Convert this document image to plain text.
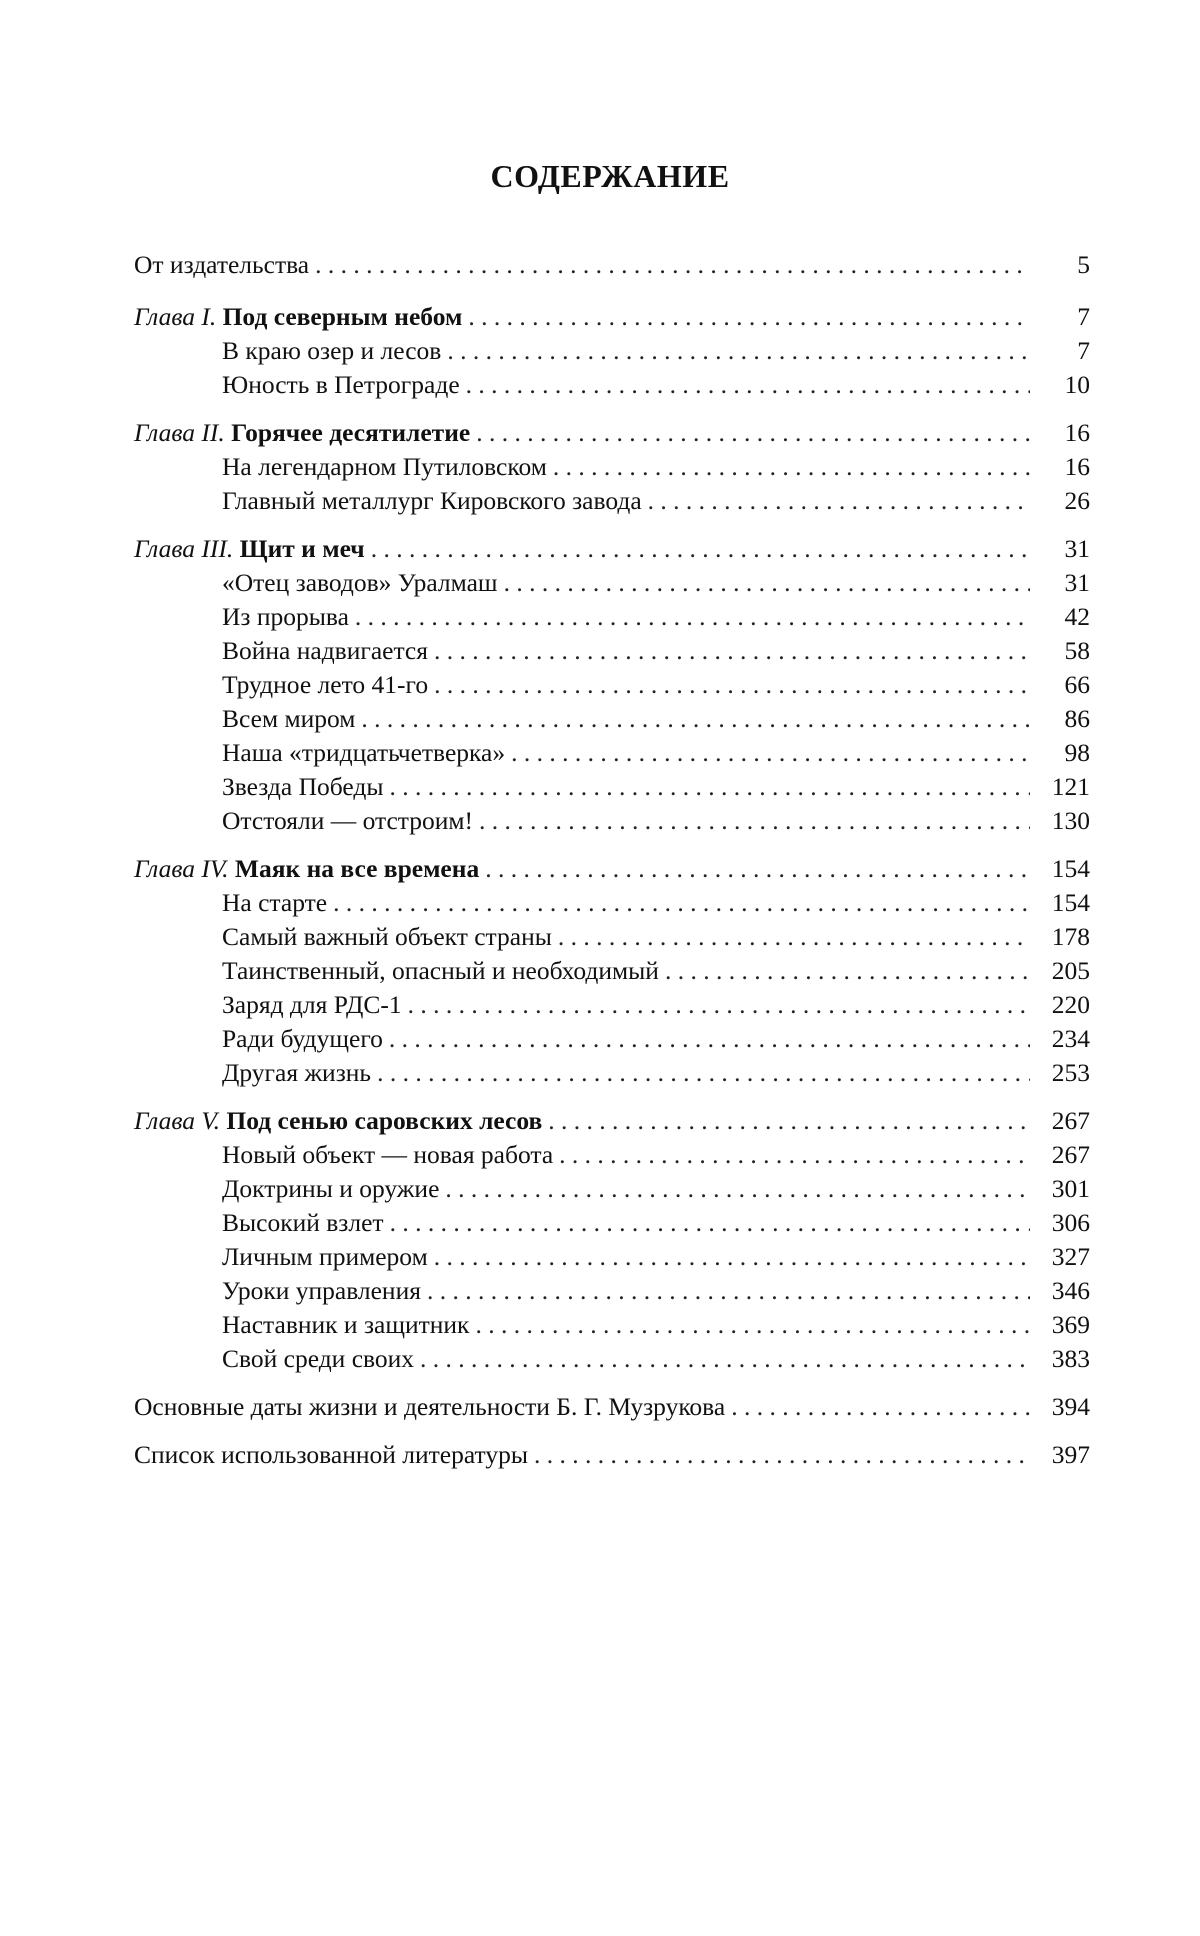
СОДЕРЖАНИЕ
От издательства . . .	5
Глава I. Под северным небом . . .	7
В краю озер и лесов . . .	7
Юность в Петрограде . . .	10
Глава II. Горячее десятилетие . . .	16
На легендарном Путиловском . . .	16
Главный металлург Кировского завода . . .	26
Глава III. Щит и меч . . .	31
«Отец заводов» Уралмаш . . .	31
Из прорыва . . .	42
Война надвигается . . .	58
Трудное лето 41-го . . .	66
Всем миром . . .	86
Наша «тридцатьчетверка» . . .	98
Звезда Победы . . .	121
Отстояли — отстроим! . . .	130
Глава IV. Маяк на все времена . . .	154
На старте . . .	154
Самый важный объект страны . . .	178
Таинственный, опасный и необходимый . . .	205
Заряд для РДС-1 . . .	220
Ради будущего . . .	234
Другая жизнь . . .	253
Глава V. Под сенью саровских лесов . . .	267
Новый объект — новая работа . . .	267
Доктрины и оружие . . .	301
Высокий взлет . . .	306
Личным примером . . .	327
Уроки управления . . .	346
Наставник и защитник . . .	369
Свой среди своих . . .	383
Основные даты жизни и деятельности Б. Г. Музрукова . . .	394
Список использованной литературы . . .	397
